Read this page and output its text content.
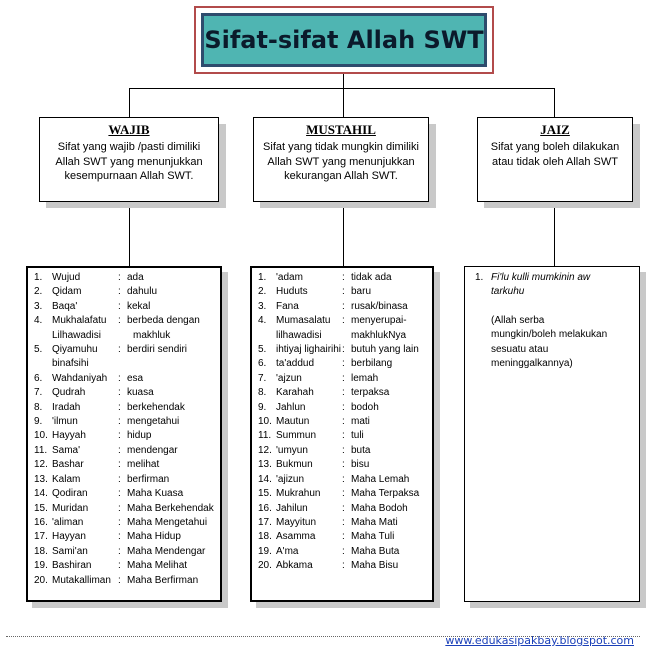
Sifat-sifat Allah SWT
WAJIB
Sifat yang wajib /pasti dimiliki Allah SWT yang menunjukkan kesempurnaan Allah SWT.
MUSTAHIL
Sifat yang tidak mungkin dimiliki Allah SWT yang menunjukkan kekurangan Allah SWT.
JAIZ
Sifat yang boleh dilakukan atau tidak oleh Allah SWT
1. Wujud	: ada
2. Qidam	: dahulu
3. Baqa'	: kekal
4. Mukhalafatu	: berbeda dengan
Lilhawadisi	makhluk
5. Qiyamuhu	: berdiri sendiri
binafsihi
6. Wahdaniyah	: esa
7. Qudrah	: kuasa
8. Iradah	: berkehendak
9. 'ilmun	: mengetahui
10. Hayyah	: hidup
11. Sama'	: mendengar
12. Bashar	: melihat
13. Kalam	: berfirman
14. Qodiran	: Maha Kuasa
15. Muridan	: Maha Berkehendak
16. 'aliman	: Maha Mengetahui
17. Hayyan	: Maha Hidup
18. Sami'an	: Maha Mendengar
19. Bashiran	: Maha Melihat
20. Mutakalliman : Maha Berfirman
1. 'adam	: tidak ada
2. Huduts	: baru
3. Fana	: rusak/binasa
4. Mumasalatu	: menyerupai-
lilhawadisi	makhlukNya
5. ihtiyaj lighairihi : butuh yang lain
6. ta'addud	: berbilang
7. 'ajzun	: lemah
8. Karahah	: terpaksa
9. Jahlun	: bodoh
10. Mautun	: mati
11. Summun	: tuli
12. 'umyun	: buta
13. Bukmun	: bisu
14. 'ajizun	: Maha Lemah
15. Mukrahun	: Maha Terpaksa
16. Jahilun	: Maha Bodoh
17. Mayyitun	: Maha Mati
18. Asamma	: Maha Tuli
19. A'ma	: Maha Buta
20. Abkama	: Maha Bisu
1. Fi'lu kulli mumkinin aw
tarkuhu
(Allah serba
mungkin/boleh melakukan
sesuatu atau
meninggalkannya)
www.edukasipakbay.blogspot.com
